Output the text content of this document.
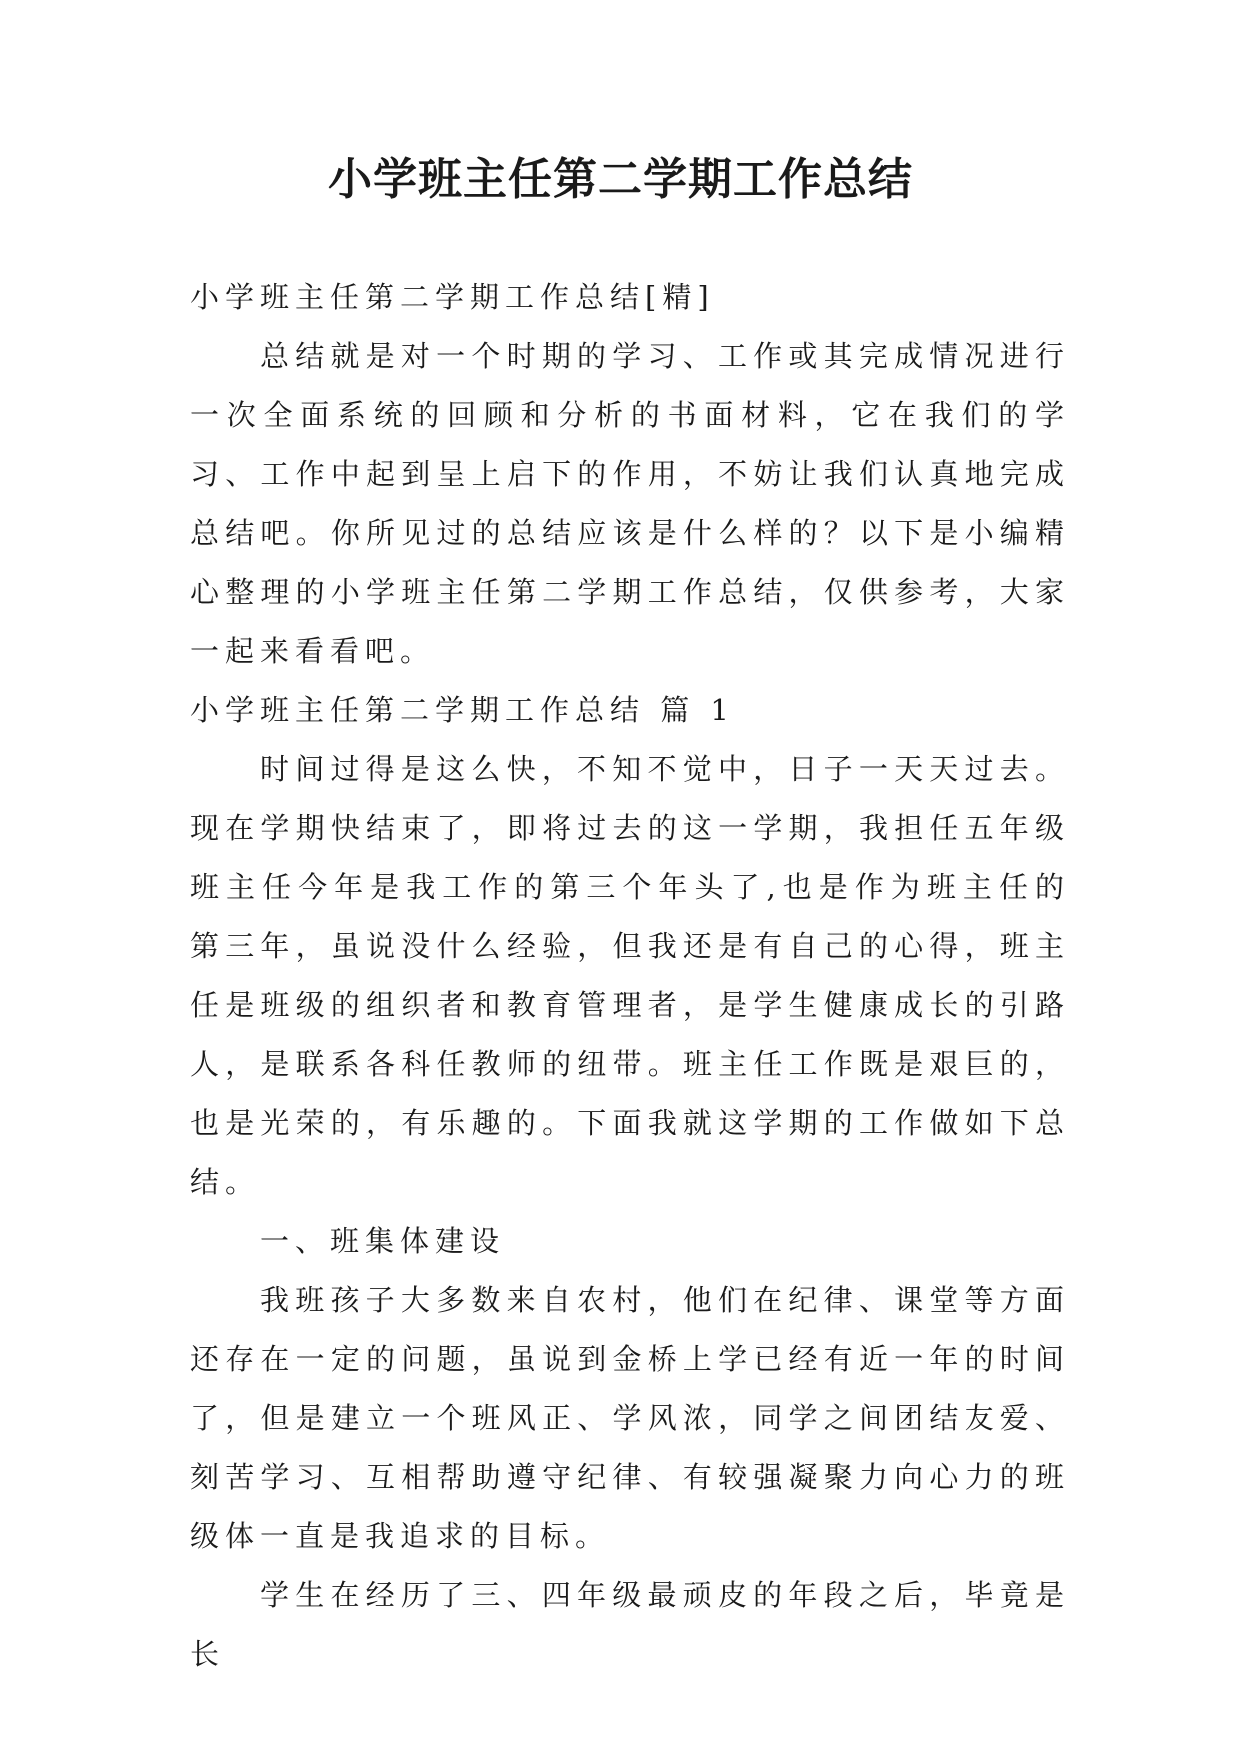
小学班主任第二学期工作总结

小学班主任第二学期工作总结[精]

总结就是对一个时期的学习、工作或其完成情况进行一次全面系统的回顾和分析的书面材料，它在我们的学习、工作中起到呈上启下的作用，不妨让我们认真地完成总结吧。你所见过的总结应该是什么样的？以下是小编精心整理的小学班主任第二学期工作总结，仅供参考，大家一起来看看吧。

小学班主任第二学期工作总结 篇 1

时间过得是这么快，不知不觉中，日子一天天过去。现在学期快结束了，即将过去的这一学期，我担任五年级班主任今年是我工作的第三个年头了,也是作为班主任的第三年，虽说没什么经验，但我还是有自己的心得，班主任是班级的组织者和教育管理者，是学生健康成长的引路人，是联系各科任教师的纽带。班主任工作既是艰巨的，也是光荣的，有乐趣的。下面我就这学期的工作做如下总结。

一、班集体建设

我班孩子大多数来自农村，他们在纪律、课堂等方面还存在一定的问题，虽说到金桥上学已经有近一年的时间了，但是建立一个班风正、学风浓，同学之间团结友爱、刻苦学习、互相帮助遵守纪律、有较强凝聚力向心力的班级体一直是我追求的目标。

学生在经历了三、四年级最顽皮的年段之后，毕竟是长
